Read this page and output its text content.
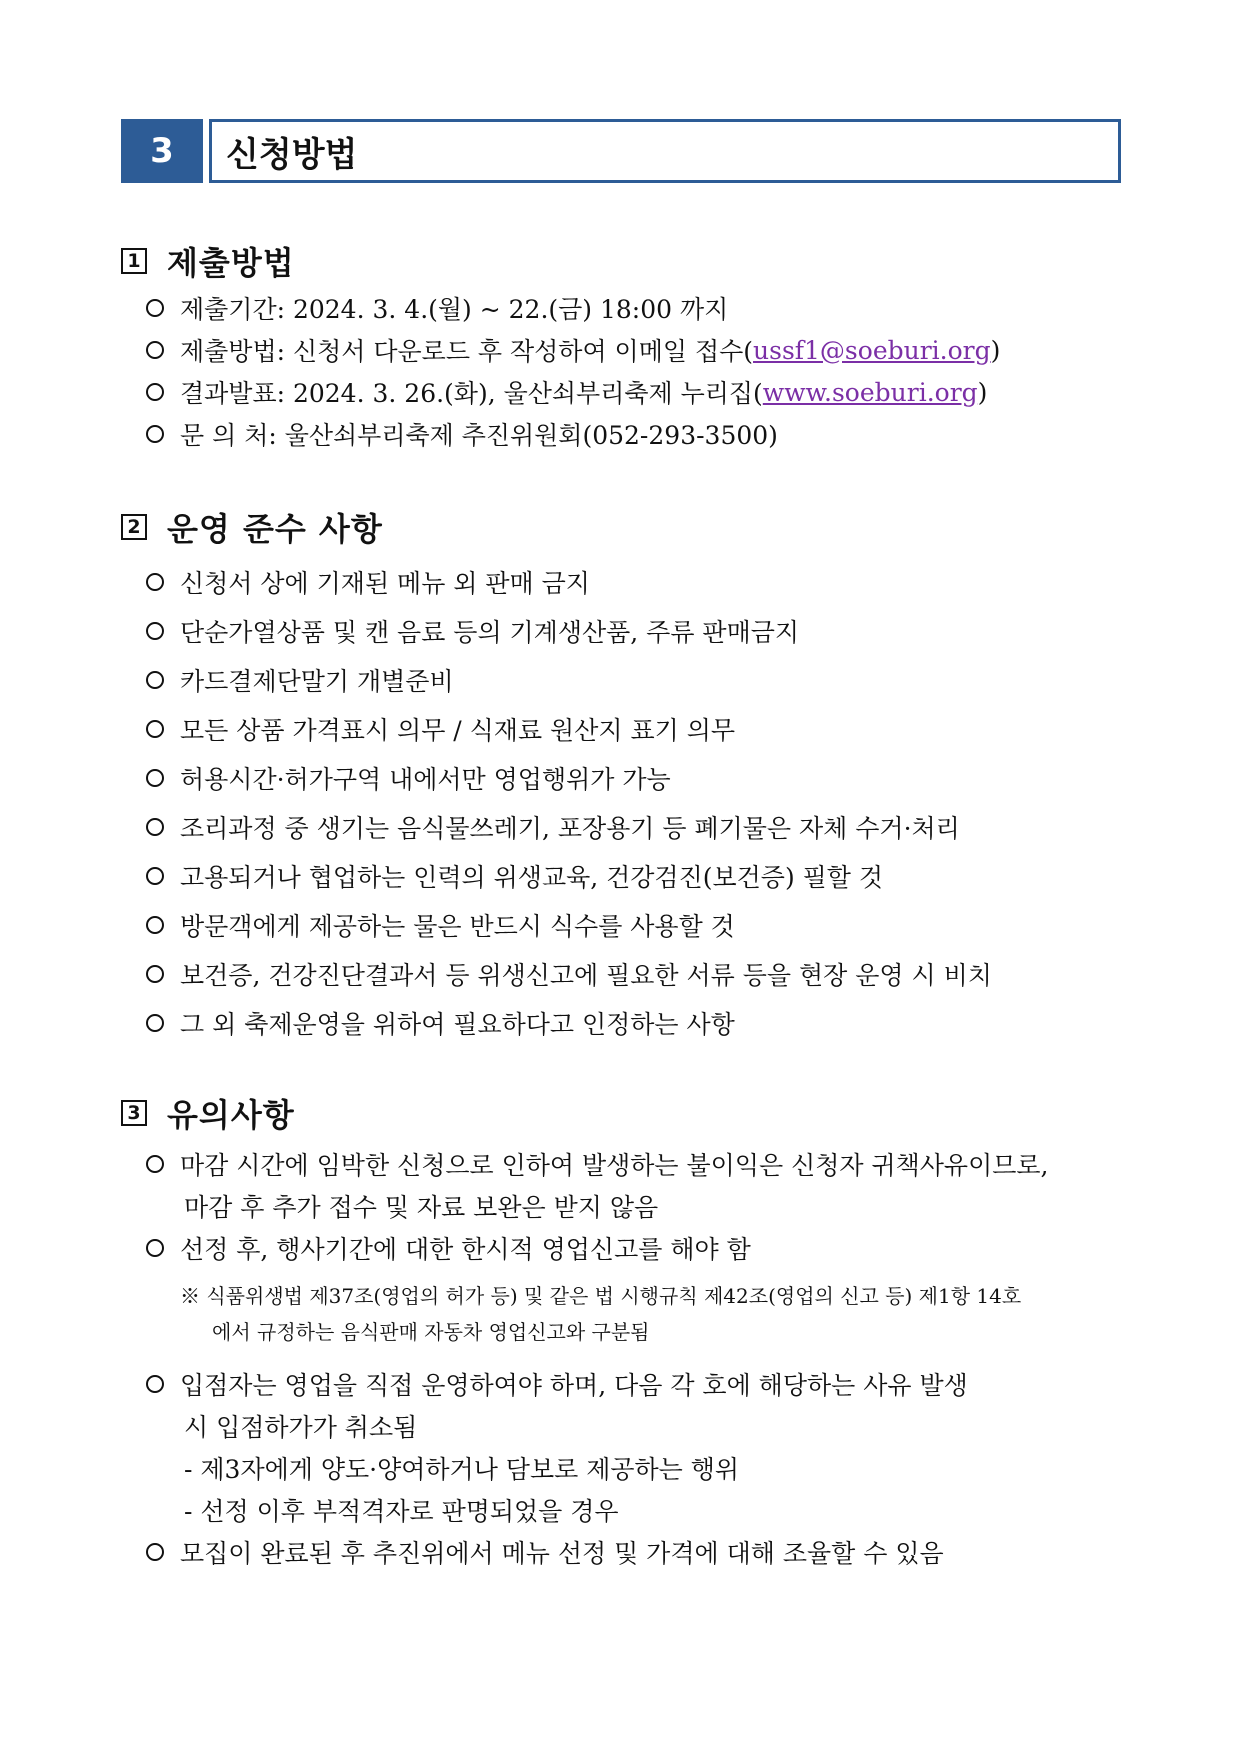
3	신청방법
1 제출방법
제출기간: 2024. 3. 4.(월) ~ 22.(금) 18:00 까지
제출방법: 신청서 다운로드 후 작성하여 이메일 접수( ussf1@soeburi.org )
결과발표: 2024. 3. 26.(화), 울산쇠부리축제 누리집( www.soeburi.org )
문 의 처: 울산쇠부리축제 추진위원회(052-293-3500)
2 운영 준수 사항
신청서 상에 기재된 메뉴 외 판매 금지
단순가열상품 및 캔 음료 등의 기계생산품, 주류 판매금지
카드결제단말기 개별준비
모든 상품 가격표시 의무 / 식재료 원산지 표기 의무
허용시간·허가구역 내에서만 영업행위가 가능
조리과정 중 생기는 음식물쓰레기, 포장용기 등 폐기물은 자체 수거·처리
고용되거나 협업하는 인력의 위생교육, 건강검진(보건증) 필할 것
방문객에게 제공하는 물은 반드시 식수를 사용할 것
보건증, 건강진단결과서 등 위생신고에 필요한 서류 등을 현장 운영 시 비치
그 외 축제운영을 위하여 필요하다고 인정하는 사항
3 유의사항
마감 시간에 임박한 신청으로 인하여 발생하는 불이익은 신청자 귀책사유이므로,
마감 후 추가 접수 및 자료 보완은 받지 않음
선정 후, 행사기간에 대한 한시적 영업신고를 해야 함
※ 식품위생법 제37조(영업의 허가 등) 및 같은 법 시행규칙 제42조(영업의 신고 등) 제1항 14호
에서 규정하는 음식판매 자동차 영업신고와 구분됨
입점자는 영업을 직접 운영하여야 하며, 다음 각 호에 해당하는 사유 발생
시 입점하가가 취소됨
- 제3자에게 양도·양여하거나 담보로 제공하는 행위
- 선정 이후 부적격자로 판명되었을 경우
모집이 완료된 후 추진위에서 메뉴 선정 및 가격에 대해 조율할 수 있음
